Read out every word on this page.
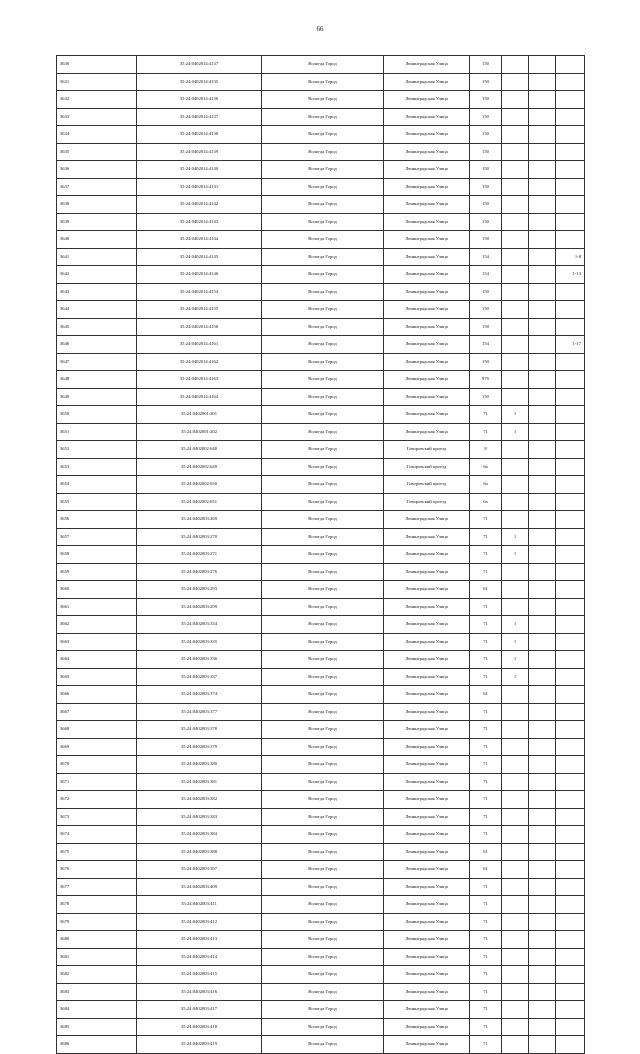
66
3630	35:24:0402014:4137	Вологда Город	Ленинградская Улица	150			
3631	35:24:0402014:4135	Вологда Город	Ленинградская Улица	150			
3632	35:24:0402014:4136	Вологда Город	Ленинградская Улица	150			
3633	35:24:0402014:4137	Вологда Город	Ленинградская Улица	150			
3634	35:24:0402014:4138	Вологда Город	Ленинградская Улица	150			
3635	35:24:0402014:4139	Вологда Город	Ленинградская Улица	150			
3636	35:24:0402014:4140	Вологда Город	Ленинградская Улица	150			
3637	35:24:0402014:4141	Вологда Город	Ленинградская Улица	150			
3638	35:24:0402014:4142	Вологда Город	Ленинградская Улица	150			
3639	35:24:0402014:4143	Вологда Город	Ленинградская Улица	150			
3640	35:24:0402014:4144	Вологда Город	Ленинградская Улица	150			
3641	35:24:0402014:4145	Вологда Город	Ленинградская Улица	154			1-8
3642	35:24:0402014:4146	Вологда Город	Ленинградская Улица	154			1-13
3643	35:24:0402014:4154	Вологда Город	Ленинградская Улица	150			
3644	35:24:0402014:4155	Вологда Город	Ленинградская Улица	150			
3645	35:24:0402014:4156	Вологда Город	Ленинградская Улица	150			
3646	35:24:0402014:4161	Вологда Город	Ленинградская Улица	154			1-17
3647	35:24:0402014:4162	Вологда Город	Ленинградская Улица	150			
3648	35:24:0402014:4163	Вологда Город	Ленинградская Улица	97б			
3649	35:24:0402014:4164	Вологда Город	Ленинградская Улица	150			
3650	35:24:0402001:201	Вологда Город	Ленинградская Улица	71	1		
3651	35:24:0402001:202	Вологда Город	Ленинградская Улица	71	1		
3652	35:24:0402002:648	Вологда Город	Говоровский проезд	8			
3653	35:24:0402002:649	Вологда Город	Говоровский проезд	6а			
3654	35:24:0402002:650	Вологда Город	Говоровский проезд	6а			
3655	35:24:0402002:651	Вологда Город	Говоровский проезд	6а			
3656	35:24:0402003:269	Вологда Город	Ленинградская Улица	71			
3657	35:24:0402003:270	Вологда Город	Ленинградская Улица	71	1		
3658	35:24:0402003:271	Вологда Город	Ленинградская Улица	71	1		
3659	35:24:0402003:276	Вологда Город	Ленинградская Улица	71			
3660	35:24:0402003:293	Вологда Город	Ленинградская Улица	61			
3661	35:24:0402003:299	Вологда Город	Ленинградская Улица	71			
3662	35:24:0402003:334	Вологда Город	Ленинградская Улица	71	1		
3663	35:24:0402003:335	Вологда Город	Ленинградская Улица	71	1		
3664	35:24:0402003:336	Вологда Город	Ленинградская Улица	71	1		
3665	35:24:0402003:337	Вологда Город	Ленинградская Улица	71	1		
3666	35:24:0402003:374	Вологда Город	Ленинградская Улица	61			
3667	35:24:0402003:377	Вологда Город	Ленинградская Улица	71			
3668	35:24:0402003:378	Вологда Город	Ленинградская Улица	71			
3669	35:24:0402003:379	Вологда Город	Ленинградская Улица	71			
3670	35:24:0402003:380	Вологда Город	Ленинградская Улица	71			
3671	35:24:0402003:381	Вологда Город	Ленинградская Улица	71			
3672	35:24:0402003:382	Вологда Город	Ленинградская Улица	71			
3673	35:24:0402003:383	Вологда Город	Ленинградская Улица	71			
3674	35:24:0402003:384	Вологда Город	Ленинградская Улица	71			
3675	35:24:0402003:388	Вологда Город	Ленинградская Улица	61			
3676	35:24:0402003:397	Вологда Город	Ленинградская Улица	61			
3677	35:24:0402003:409	Вологда Город	Ленинградская Улица	71			
3678	35:24:0402003:411	Вологда Город	Ленинградская Улица	71			
3679	35:24:0402003:412	Вологда Город	Ленинградская Улица	71			
3680	35:24:0402003:413	Вологда Город	Ленинградская Улица	71			
3681	35:24:0402003:414	Вологда Город	Ленинградская Улица	71			
3682	35:24:0402003:415	Вологда Город	Ленинградская Улица	71			
3683	35:24:0402003:416	Вологда Город	Ленинградская Улица	71			
3684	35:24:0402003:417	Вологда Город	Ленинградская Улица	71			
3685	35:24:0402003:418	Вологда Город	Ленинградская Улица	71			
3686	35:24:0402003:419	Вологда Город	Ленинградская Улица	71			
